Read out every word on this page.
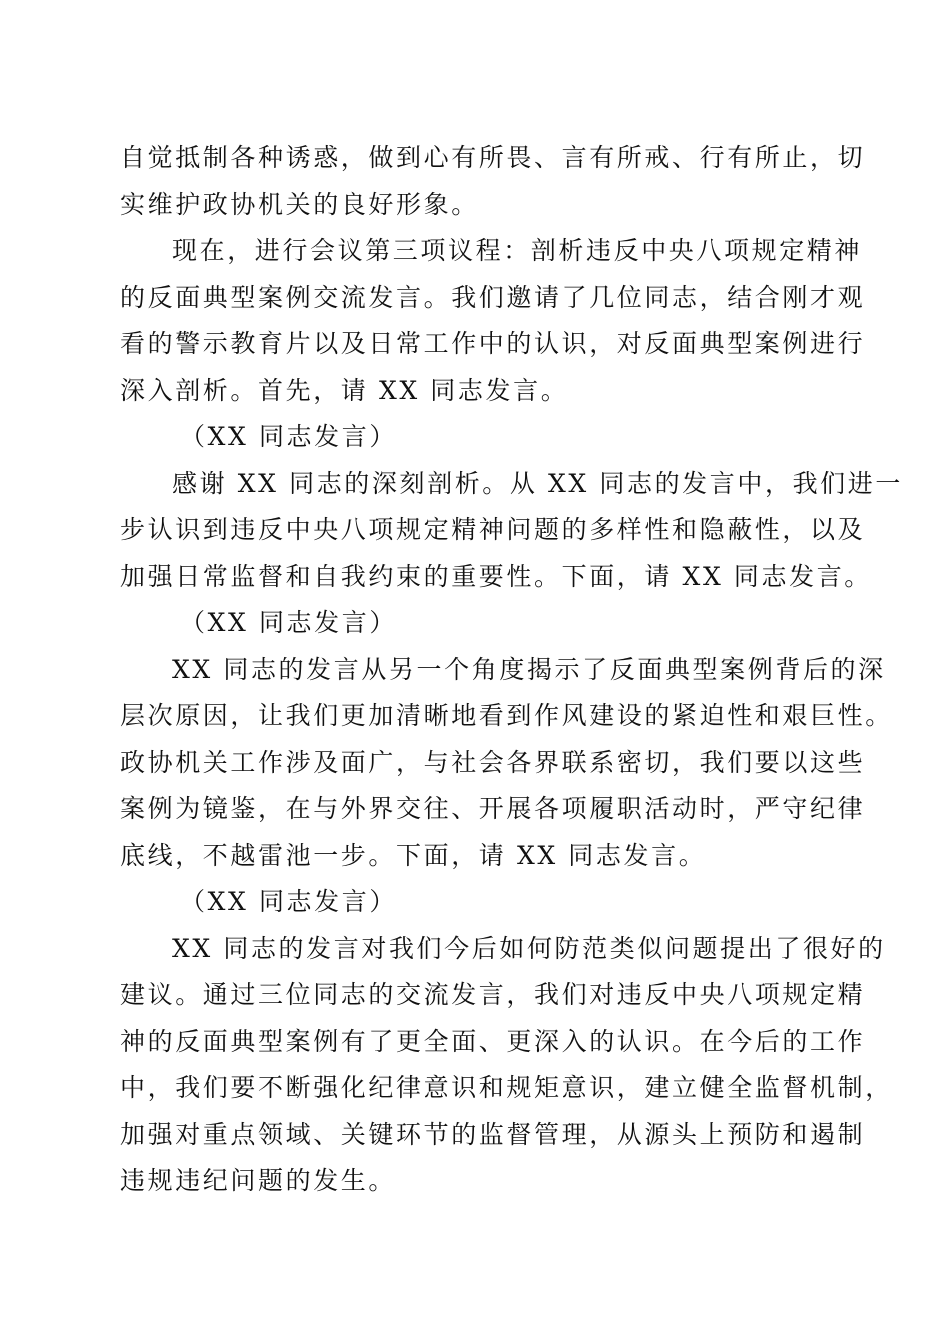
自觉抵制各种诱惑，做到心有所畏、言有所戒、行有所止，切
实维护政协机关的良好形象。
现在，进行会议第三项议程：剖析违反中央八项规定精神
的反面典型案例交流发言。我们邀请了几位同志，结合刚才观
看的警示教育片以及日常工作中的认识，对反面典型案例进行
深入剖析。首先，请 XX 同志发言。
（XX 同志发言）
感谢 XX 同志的深刻剖析。从 XX 同志的发言中，我们进一
步认识到违反中央八项规定精神问题的多样性和隐蔽性，以及
加强日常监督和自我约束的重要性。下面，请 XX 同志发言。
（XX 同志发言）
XX 同志的发言从另一个角度揭示了反面典型案例背后的深
层次原因，让我们更加清晰地看到作风建设的紧迫性和艰巨性。
政协机关工作涉及面广，与社会各界联系密切，我们要以这些
案例为镜鉴，在与外界交往、开展各项履职活动时，严守纪律
底线，不越雷池一步。下面，请 XX 同志发言。
（XX 同志发言）
XX 同志的发言对我们今后如何防范类似问题提出了很好的
建议。通过三位同志的交流发言，我们对违反中央八项规定精
神的反面典型案例有了更全面、更深入的认识。在今后的工作
中，我们要不断强化纪律意识和规矩意识，建立健全监督机制，
加强对重点领域、关键环节的监督管理，从源头上预防和遏制
违规违纪问题的发生。
